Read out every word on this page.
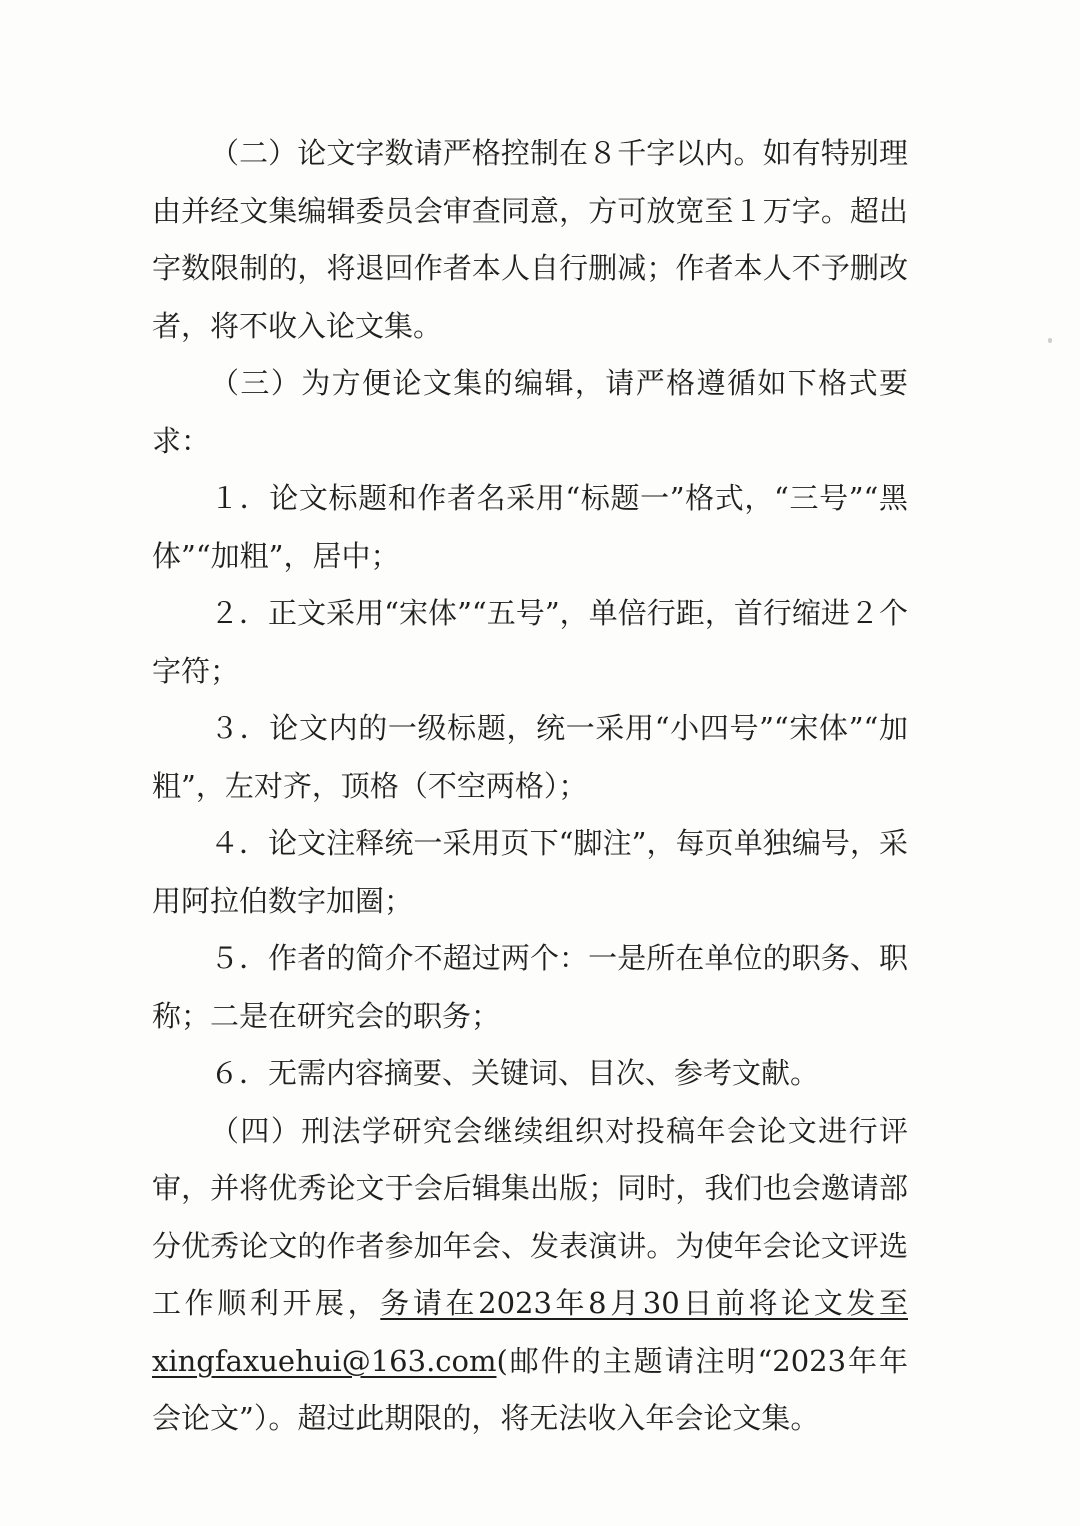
（二）论文字数请严格控制在８千字以内。如有特别理由并经文集编辑委员会审查同意，方可放宽至１万字。超出字数限制的，将退回作者本人自行删减；作者本人不予删改者，将不收入论文集。

（三）为方便论文集的编辑，请严格遵循如下格式要求：

１．论文标题和作者名采用“标题一”格式，“三号”“黑体”“加粗”，居中；

２．正文采用“宋体”“五号”，单倍行距，首行缩进２个字符；

３．论文内的一级标题，统一采用“小四号”“宋体”“加粗”，左对齐，顶格（不空两格）；

４．论文注释统一采用页下“脚注”，每页单独编号，采用阿拉伯数字加圈；

５．作者的简介不超过两个：一是所在单位的职务、职称；二是在研究会的职务；

６．无需内容摘要、关键词、目次、参考文献。

（四）刑法学研究会继续组织对投稿年会论文进行评审，并将优秀论文于会后辑集出版；同时，我们也会邀请部分优秀论文的作者参加年会、发表演讲。为使年会论文评选工作顺利开展，务请在2023年8月30日前将论文发至xingfaxuehui@163.com(邮件的主题请注明“2023年年会论文”）。超过此期限的，将无法收入年会论文集。
